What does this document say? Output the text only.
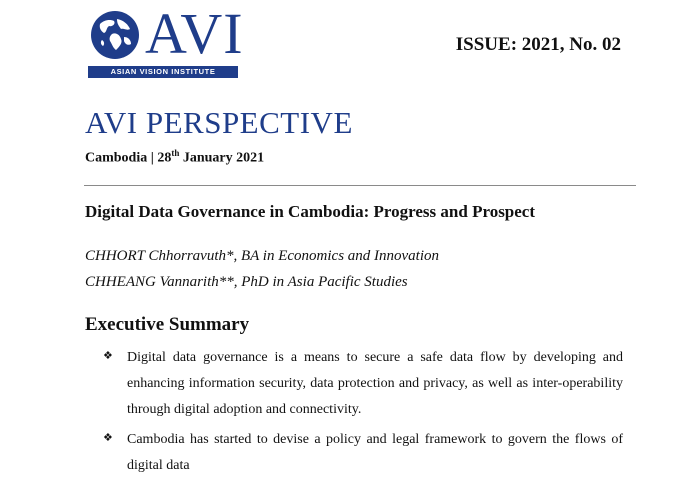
AVI
ASIAN VISION INSTITUTE
ISSUE: 2021, No. 02
AVI PERSPECTIVE
Cambodia | 28th January 2021
Digital Data Governance in Cambodia: Progress and Prospect
CHHORT Chhorravuth*, BA in Economics and Innovation
CHHEANG Vannarith**, PhD in Asia Pacific Studies
Executive Summary
❖ Digital data governance is a means to secure a safe data flow by developing and enhancing information security, data protection and privacy, as well as inter-operability through digital adoption and connectivity.

❖ Cambodia has started to devise a policy and legal framework to govern the flows of digital data
